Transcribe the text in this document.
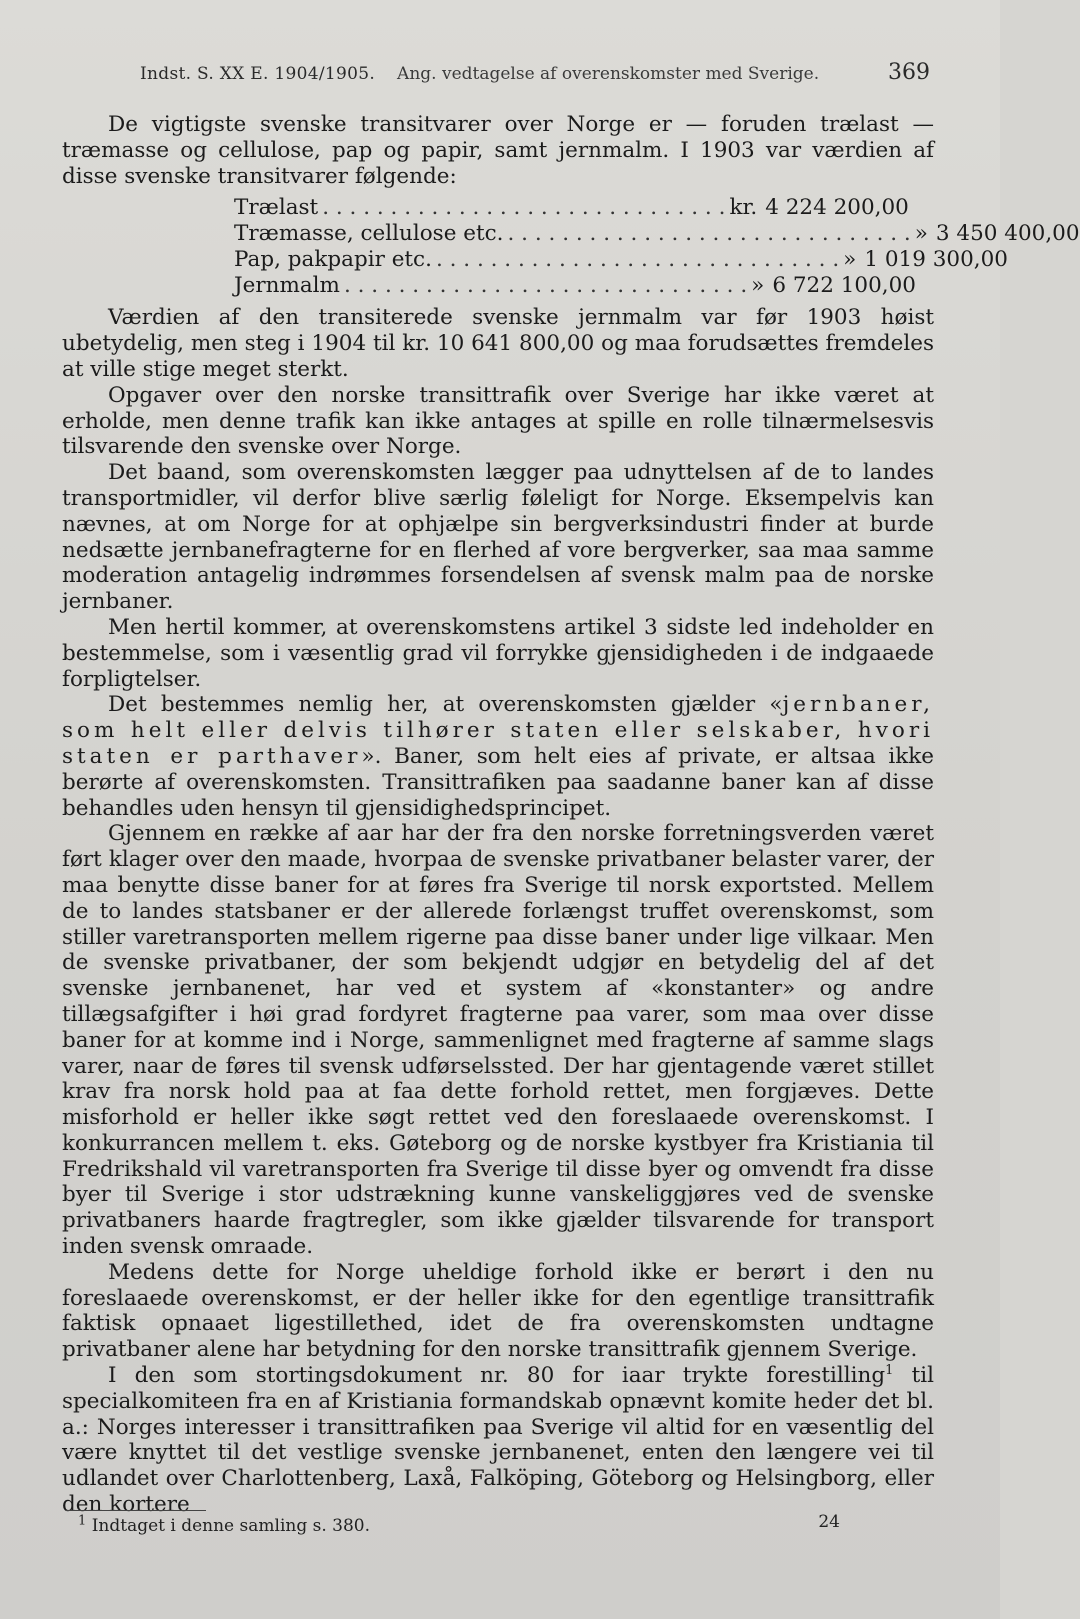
Indst. S. XX E. 1904/1905. Ang. vedtagelse af overenskomster med Sverige.	369

De vigtigste svenske transitvarer over Norge er — foruden trælast — træmasse og cellulose, pap og papir, samt jernmalm. I 1903 var værdien af disse svenske transitvarer følgende:

Trælast . . . . . . . . . . . . . . . . . . . . . . . . . . . . . . kr. 4 224 200,00
Træmasse, cellulose etc. . . . . . . . . . . . . . . . . . . . . . . . . . . . . . . » 3 450 400,00
Pap, pakpapir etc. . . . . . . . . . . . . . . . . . . . . . . . . . . . . . . » 1 019 300,00
Jernmalm . . . . . . . . . . . . . . . . . . . . . . . . . . . . . . » 6 722 100,00

Værdien af den transiterede svenske jernmalm var før 1903 høist ubetydelig, men steg i 1904 til kr. 10 641 800,00 og maa forudsættes fremdeles at ville stige meget sterkt.

Opgaver over den norske transittrafik over Sverige har ikke været at erholde, men denne trafik kan ikke antages at spille en rolle tilnærmelsesvis tilsvarende den svenske over Norge.

Det baand, som overenskomsten lægger paa udnyttelsen af de to landes transportmidler, vil derfor blive særlig føleligt for Norge. Eksempelvis kan nævnes, at om Norge for at ophjælpe sin bergverksindustri finder at burde nedsætte jernbanefragterne for en flerhed af vore bergverker, saa maa samme moderation antagelig indrømmes forsendelsen af svensk malm paa de norske jernbaner.

Men hertil kommer, at overenskomstens artikel 3 sidste led indeholder en bestemmelse, som i væsentlig grad vil forrykke gjensidigheden i de indgaaede forpligtelser.

Det bestemmes nemlig her, at overenskomsten gjælder «jernbaner, som helt eller delvis tilhører staten eller selskaber, hvori staten er parthaver». Baner, som helt eies af private, er altsaa ikke berørte af overenskomsten. Transittrafiken paa saadanne baner kan af disse behandles uden hensyn til gjensidighedsprincipet.

Gjennem en række af aar har der fra den norske forretningsverden været ført klager over den maade, hvorpaa de svenske privatbaner belaster varer, der maa benytte disse baner for at føres fra Sverige til norsk exportsted. Mellem de to landes statsbaner er der allerede forlængst truffet overenskomst, som stiller varetransporten mellem rigerne paa disse baner under lige vilkaar. Men de svenske privatbaner, der som bekjendt udgjør en betydelig del af det svenske jernbanenet, har ved et system af «konstanter» og andre tillægsafgifter i høi grad fordyret fragterne paa varer, som maa over disse baner for at komme ind i Norge, sammenlignet med fragterne af samme slags varer, naar de føres til svensk udførselssted. Der har gjentagende været stillet krav fra norsk hold paa at faa dette forhold rettet, men forgjæves. Dette misforhold er heller ikke søgt rettet ved den foreslaaede overenskomst. I konkurrancen mellem t. eks. Gøteborg og de norske kystbyer fra Kristiania til Fredrikshald vil varetransporten fra Sverige til disse byer og omvendt fra disse byer til Sverige i stor udstrækning kunne vanskeliggjøres ved de svenske privatbaners haarde fragtregler, som ikke gjælder tilsvarende for transport inden svensk omraade.

Medens dette for Norge uheldige forhold ikke er berørt i den nu foreslaaede overenskomst, er der heller ikke for den egentlige transittrafik faktisk opnaaet ligestillethed, idet de fra overenskomsten undtagne privatbaner alene har betydning for den norske transittrafik gjennem Sverige.

I den som stortingsdokument nr. 80 for iaar trykte forestilling$^1$ til specialkomiteen fra en af Kristiania formandskab opnævnt komite heder det bl. a.: Norges interesser i transittrafiken paa Sverige vil altid for en væsentlig del være knyttet til det vestlige svenske jernbanenet, enten den længere vei til udlandet over Charlottenberg, Laxå, Falköping, Göteborg og Helsingborg, eller den kortere

$^1$ Indtaget i denne samling s. 380.	24
